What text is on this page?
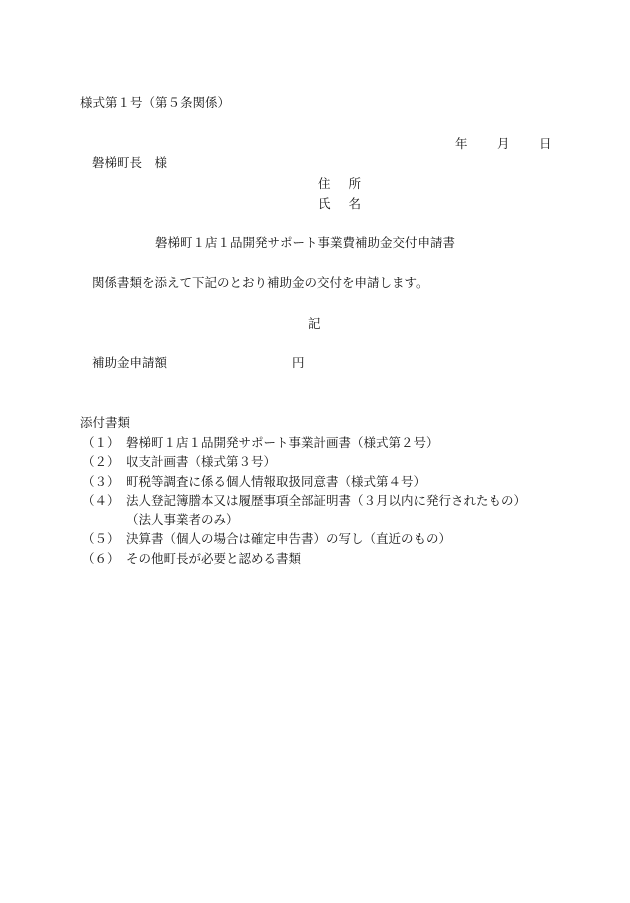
様式第１号（第５条関係）
年 月 日
磐梯町長　様
住所
氏名
磐梯町１店１品開発サポート事業費補助金交付申請書
関係書類を添えて下記のとおり補助金の交付を申請します。
記
補助金申請額	円
添付書類
（１） 磐梯町１店１品開発サポート事業計画書（様式第２号）
（２） 収支計画書（様式第３号）
（３） 町税等調査に係る個人情報取扱同意書（様式第４号）
（４） 法人登記簿謄本又は履歴事項全部証明書（３月以内に発行されたもの）
（法人事業者のみ）
（５） 決算書（個人の場合は確定申告書）の写し（直近のもの）
（６） その他町長が必要と認める書類
